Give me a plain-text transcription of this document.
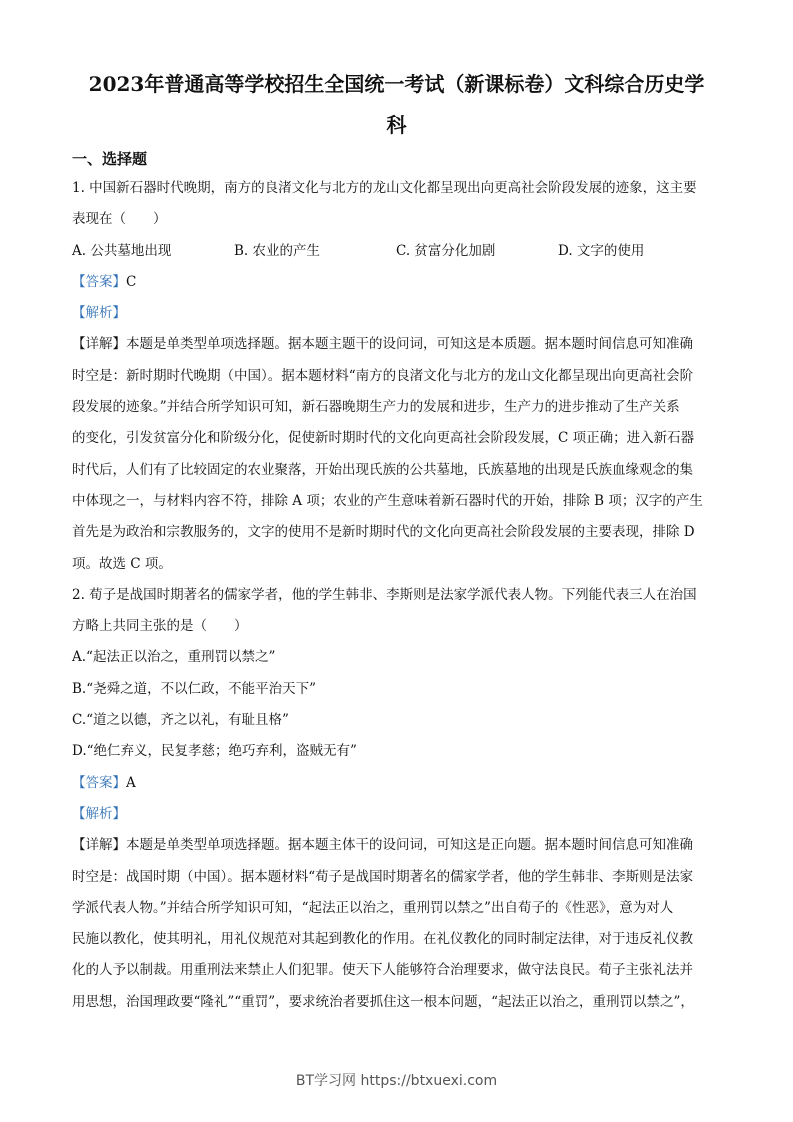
2023年普通高等学校招生全国统一考试（新课标卷）文科综合历史学
科
一、选择题
1. 中国新石器时代晚期，南方的良渚文化与北方的龙山文化都呈现出向更高社会阶段发展的迹象，这主要
表现在（　　）
A. 公共墓地出现	B. 农业的产生	C. 贫富分化加剧	D. 文字的使用
【答案】C
【解析】
【详解】本题是单类型单项选择题。据本题主题干的设问词，可知这是本质题。据本题时间信息可知准确
时空是：新时期时代晚期（中国）。据本题材料“南方的良渚文化与北方的龙山文化都呈现出向更高社会阶
段发展的迹象。”并结合所学知识可知，新石器晚期生产力的发展和进步，生产力的进步推动了生产关系
的变化，引发贫富分化和阶级分化，促使新时期时代的文化向更高社会阶段发展，C 项正确；进入新石器
时代后，人们有了比较固定的农业聚落，开始出现氏族的公共墓地，氏族墓地的出现是氏族血缘观念的集
中体现之一，与材料内容不符，排除 A 项；农业的产生意味着新石器时代的开始，排除 B 项；汉字的产生
首先是为政治和宗教服务的，文字的使用不是新时期时代的文化向更高社会阶段发展的主要表现，排除 D
项。故选 C 项。
2. 荀子是战国时期著名的儒家学者，他的学生韩非、李斯则是法家学派代表人物。下列能代表三人在治国
方略上共同主张的是（　　）
A.“起法正以治之，重刑罚以禁之”
B.“尧舜之道，不以仁政，不能平治天下”
C.“道之以德，齐之以礼，有耻且格”
D.“绝仁弃义，民复孝慈；绝巧弃利，盗贼无有”
【答案】A
【解析】
【详解】本题是单类型单项选择题。据本题主体干的设问词，可知这是正向题。据本题时间信息可知准确
时空是：战国时期（中国）。据本题材料“荀子是战国时期著名的儒家学者，他的学生韩非、李斯则是法家
学派代表人物。”并结合所学知识可知，“起法正以治之，重刑罚以禁之”出自荀子的《性恶》，意为对人
民施以教化，使其明礼，用礼仪规范对其起到教化的作用。在礼仪教化的同时制定法律，对于违反礼仪教
化的人予以制裁。用重刑法来禁止人们犯罪。使天下人能够符合治理要求，做守法良民。荀子主张礼法并
用思想，治国理政要“隆礼”“重罚”，要求统治者要抓住这一根本问题，“起法正以治之，重刑罚以禁之”，
BT学习网 https://btxuexi.com
